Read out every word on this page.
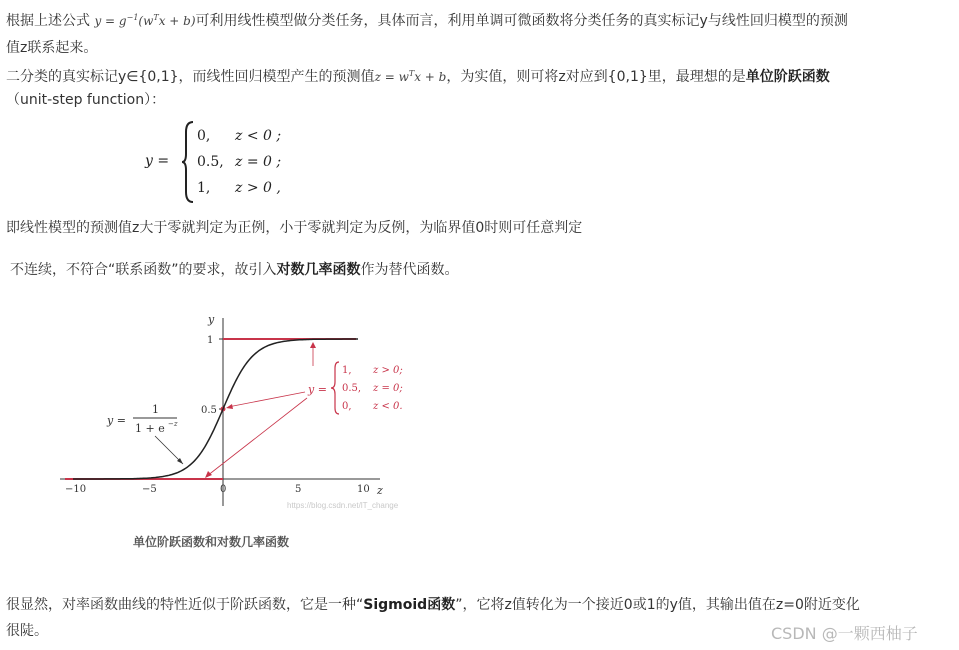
根据上述公式 $y = g^{-1}(w^Tx + b)$可利用线性模型做分类任务，具体而言，利用单调可微函数将分类任务的真实标记y与线性回归模型的预测
值z联系起来。
二分类的真实标记y∈{0,1}，而线性回归模型产生的预测值$z = w^Tx + b$，为实值，则可将z对应到{0,1}里，最理想的是单位阶跃函数
（unit-step function）：
y =
0, z < 0 ;
0.5, z = 0 ;
1, z > 0 ,
即线性模型的预测值z大于零就判定为正例，小于零就判定为反例，为临界值0时则可任意判定
不连续，不符合“联系函数”的要求，故引入对数几率函数作为替代函数。
y
z
1
0.5
−10	−5	0	5	10
y =
1
1 + e −z
y =
1, z > 0;
0.5, z = 0;
0, z < 0.
https://blog.csdn.net/lT_change
单位阶跃函数和对数几率函数
很显然，对率函数曲线的特性近似于阶跃函数，它是一种“Sigmoid函数”，它将z值转化为一个接近0或1的y值，其输出值在z=0附近变化
很陡。	CSDN @一颗西柚子
